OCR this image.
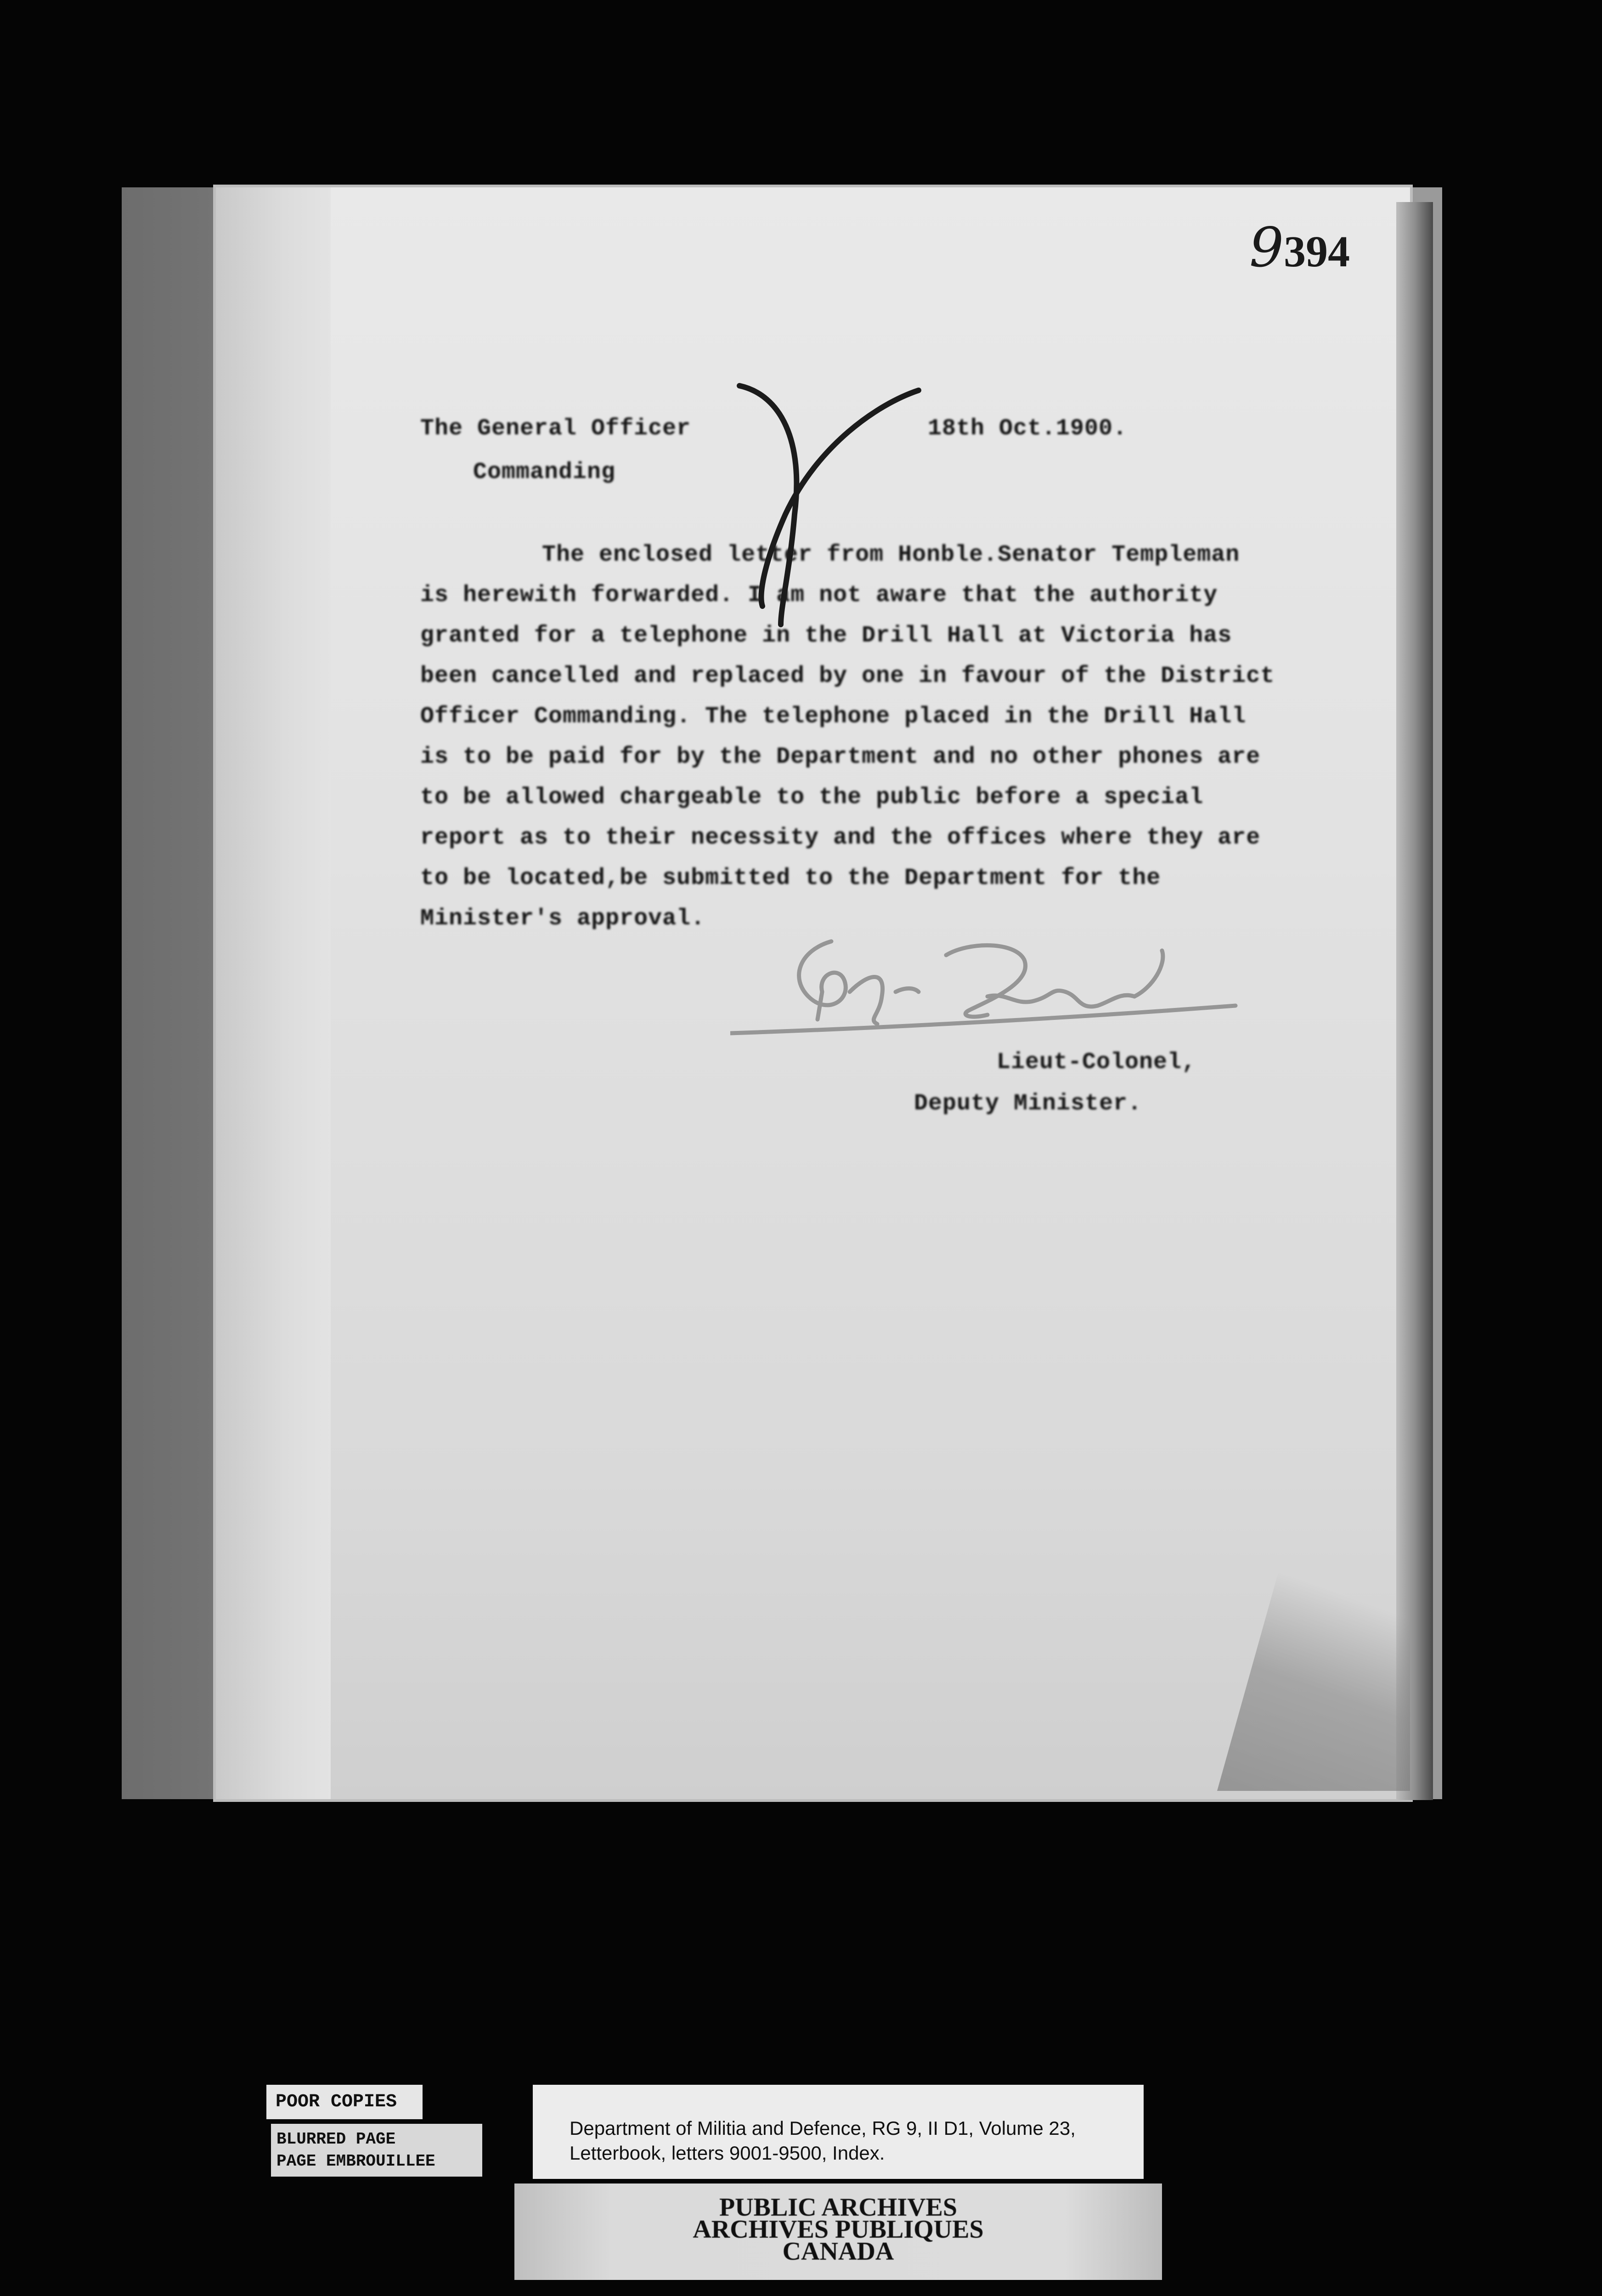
9394
The General Officer
Commanding
18th Oct.1900.
The enclosed letter from Honble.Senator Templeman
is herewith forwarded. I am not aware that the authority
granted for a telephone in the Drill Hall at Victoria has
been cancelled and replaced by one in favour of the District
Officer Commanding. The telephone placed in the Drill Hall
is to be paid for by the Department and no other phones are
to be allowed chargeable to the public before a special
report as to their necessity and the offices where they are
to be located,be submitted to the Department for the
Minister's approval.
Lieut-Colonel,
Deputy Minister.
POOR COPIES
BLURRED PAGE
PAGE EMBROUILLEE
Department of Militia and Defence, RG 9, II D1, Volume 23,
Letterbook, letters 9001-9500, Index.
PUBLIC ARCHIVES
ARCHIVES PUBLIQUES
CANADA
